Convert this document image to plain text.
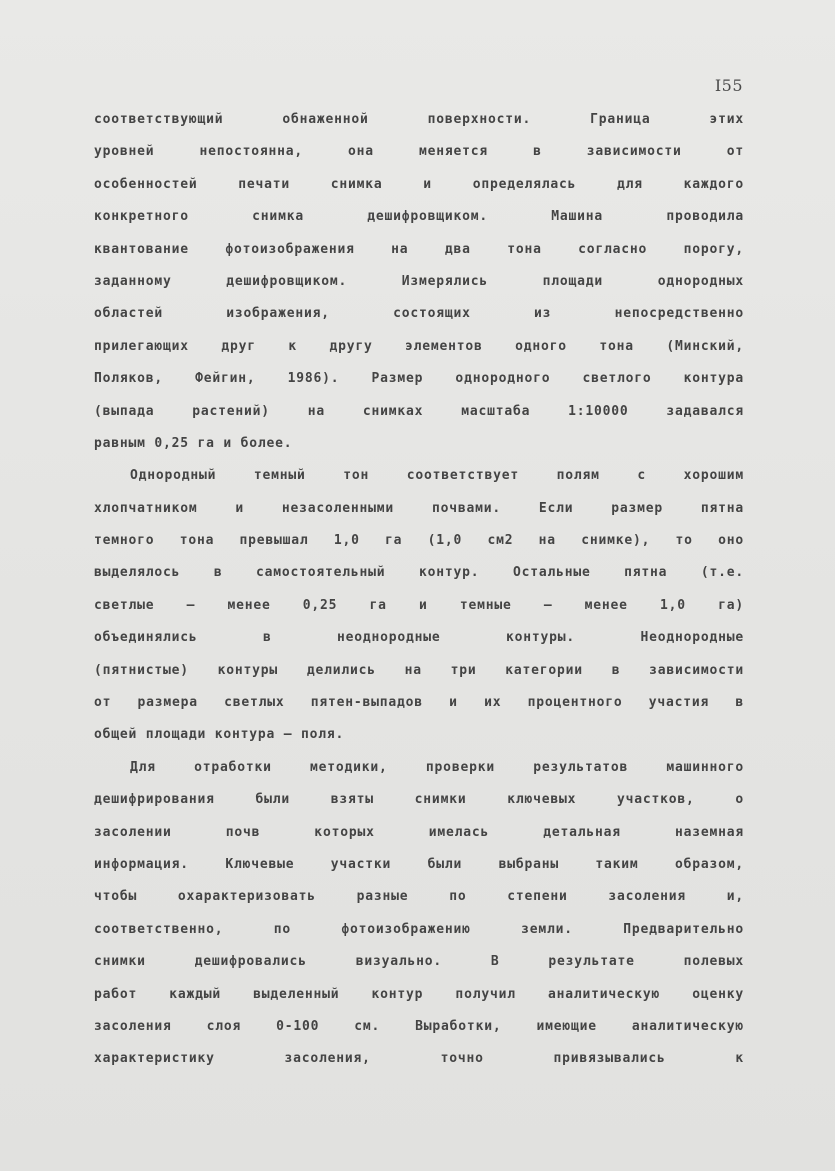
I55

соответствующий обнаженной поверхности. Граница этих

уровней непостоянна, она меняется в зависимости от

особенностей печати снимка и определялась для каждого

конкретного снимка дешифровщиком. Машина проводила

квантование фотоизображения на два тона согласно порогу,

заданному дешифровщиком. Измерялись площади однородных

областей изображения, состоящих из непосредственно

прилегающих друг к другу элементов одного тона (Минский,

Поляков, Фейгин, 1986). Размер однородного светлого контура

(выпада растений) на снимках масштаба 1:10000 задавался

равным 0,25 га и более.

Однородный темный тон соответствует полям с хорошим

хлопчатником и незасоленными почвами. Если размер пятна

темного тона превышал 1,0 га (1,0 см2 на снимке), то оно

выделялось в самостоятельный контур. Остальные пятна (т.е.

светлые – менее 0,25 га и темные – менее 1,0 га)

объединялись в неоднородные контуры. Неоднородные

(пятнистые) контуры делились на три категории в зависимости

от размера светлых пятен-выпадов и их процентного участия в

общей площади контура – поля.

Для отработки методики, проверки результатов машинного

дешифрирования были взяты снимки ключевых участков, о

засолении почв которых имелась детальная наземная

информация. Ключевые участки были выбраны таким образом,

чтобы охарактеризовать разные по степени засоления и,

соответственно, по фотоизображению земли. Предварительно

снимки дешифровались визуально. В результате полевых

работ каждый выделенный контур получил аналитическую оценку

засоления слоя 0-100 см. Выработки, имеющие аналитическую

характеристику засоления, точно привязывались к
